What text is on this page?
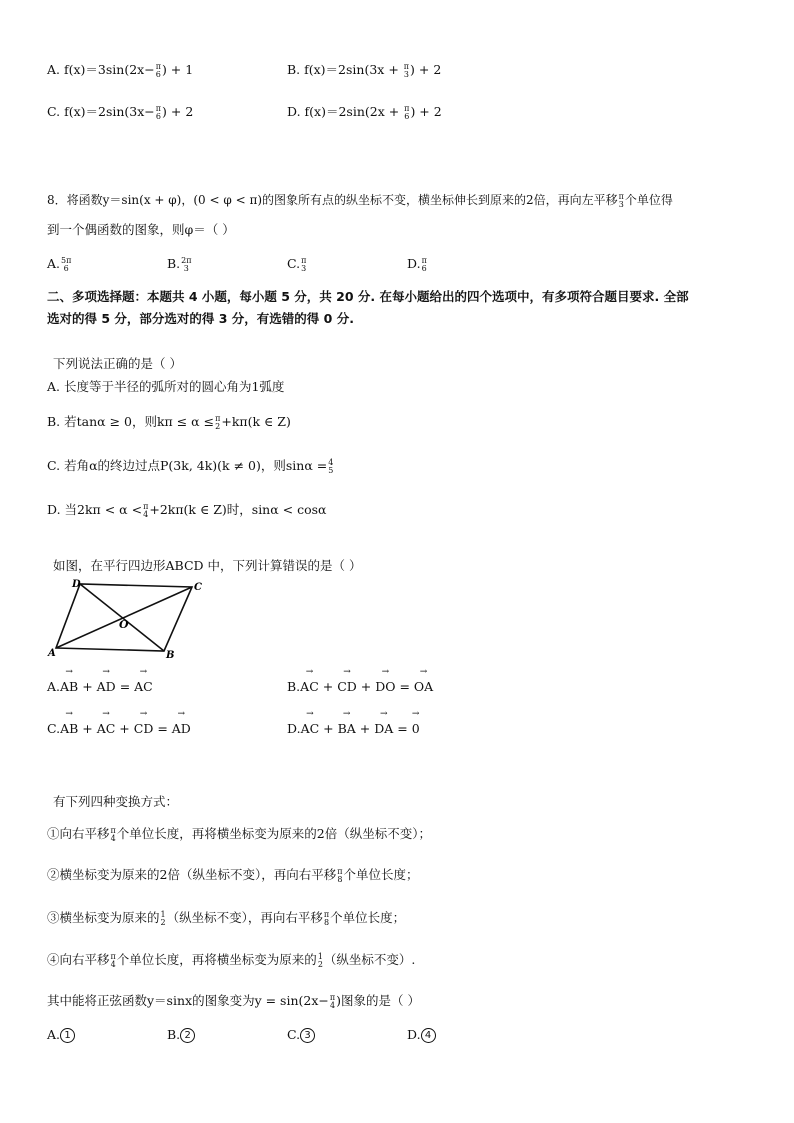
A. f(x)＝3sin(2x− π
6 ) + 1	B. f(x)＝2sin(3x + π
3 ) + 2
C. f(x)＝2sin(3x− π
6 ) + 2	D. f(x)＝2sin(2x + π
6 ) + 2
8．将函数y＝sin(x + φ)，(0 < φ < π)的图象所有点的纵坐标不变，横坐标伸长到原来的2倍，再向左平移 π
3 个单位得
到一个偶函数的图象，则φ＝（ ）
A. 5π
6	B. 2π
3	C. π
3	D. π
6
二、多项选择题：本题共 4 小题，每小题 5 分，共 20 分. 在每小题给出的四个选项中，有多项符合题目要求. 全部
选对的得 5 分，部分选对的得 3 分，有选错的得 0 分.
下列说法正确的是（ ）
A. 长度等于半径的弧所对的圆心角为1弧度
B. 若tanα ≥ 0，则kπ ≤ α ≤ π
2 +kπ(k ∈ Z)
C. 若角α的终边过点P(3k, 4k)(k ≠ 0)，则sinα = 4
5
D. 当2kπ < α < π
4 +2kπ(k ∈ Z)时，sinα < cosα
如图，在平行四边形ABCD 中，下列计算错误的是（ ）
A	B
C
D
O
A.→ AB + → AD = → AC	B.→ AC + → CD + → DO = → OA
C.→ AB + → AC + → CD = → AD	D.→ AC + → BA + → DA = → 0
有下列四种变换方式：
①向右平移 π
4 个单位长度，再将横坐标变为原来的2倍（纵坐标不变）；
②横坐标变为原来的2倍（纵坐标不变），再向右平移 π
8 个单位长度；
③横坐标变为原来的 1
2 （纵坐标不变），再向右平移 π
8 个单位长度；
④向右平移 π
4 个单位长度，再将横坐标变为原来的 1
2 （纵坐标不变）.
其中能将正弦函数y＝sinx的图象变为y = sin(2x− π
4 )图象的是（ ）
A. 1	B. 2	C. 3	D. 4
